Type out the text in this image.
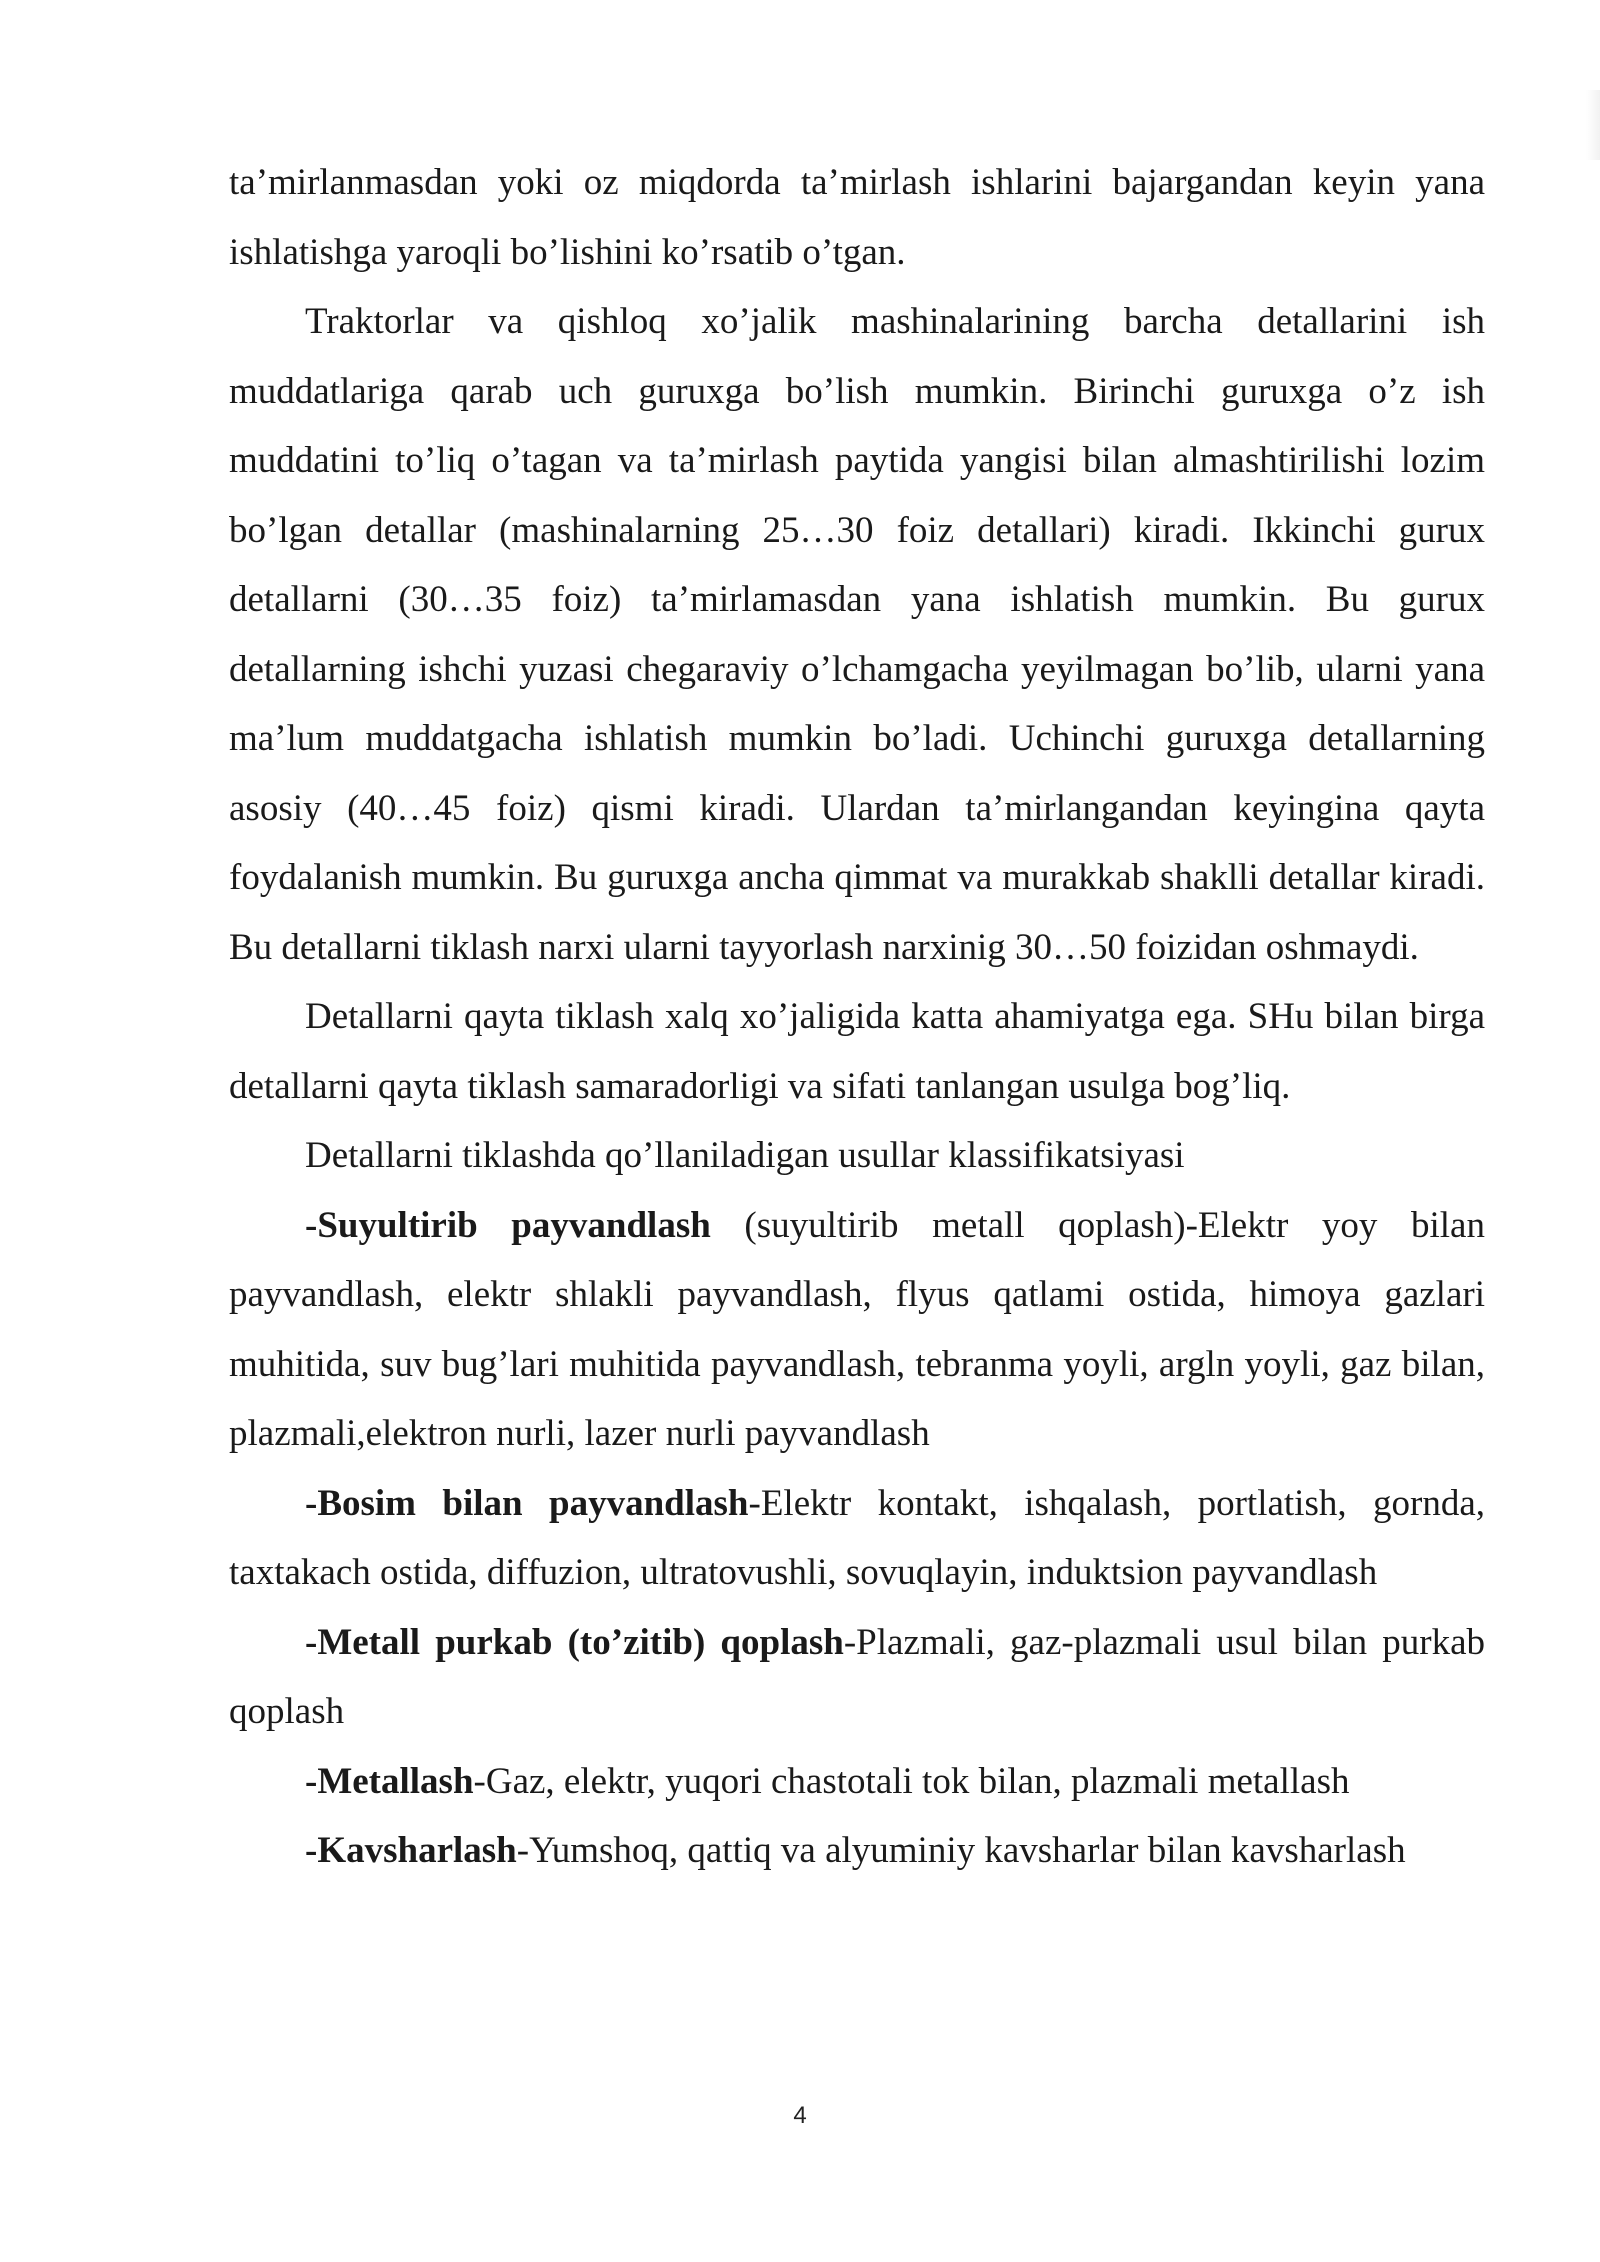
ta’mirlanmasdan yoki oz miqdorda ta’mirlash ishlarini bajargandan keyin yana ishlatishga yaroqli bo’lishini ko’rsatib o’tgan.

Traktorlar va qishloq xo’jalik mashinalarining barcha detallarini ish muddatlariga qarab uch guruxga bo’lish mumkin. Birinchi guruxga o’z ish muddatini to’liq o’tagan va ta’mirlash paytida yangisi bilan almashtirilishi lozim bo’lgan detallar (mashinalarning 25…30 foiz detallari) kiradi. Ikkinchi gurux detallarni (30…35 foiz) ta’mirlamasdan yana ishlatish mumkin. Bu gurux detallarning ishchi yuzasi chegaraviy o’lchamgacha yeyilmagan bo’lib, ularni yana ma’lum muddatgacha ishlatish mumkin bo’ladi. Uchinchi guruxga detallarning asosiy (40…45 foiz) qismi kiradi. Ulardan ta’mirlangandan keyingina qayta foydalanish mumkin. Bu guruxga ancha qimmat va murakkab shaklli detallar kiradi. Bu detallarni tiklash narxi ularni tayyorlash narxinig 30…50 foizidan oshmaydi.

Detallarni qayta tiklash xalq xo’jaligida katta ahamiyatga ega. SHu bilan birga detallarni qayta tiklash samaradorligi va sifati tanlangan usulga bog’liq.

Detallarni tiklashda qo’llaniladigan usullar klassifikatsiyasi

-Suyultirib payvandlash (suyultirib metall qoplash)-Elektr yoy bilan payvandlash, elektr shlakli payvandlash, flyus qatlami ostida, himoya gazlari muhitida, suv bug’lari muhitida payvandlash, tebranma yoyli, argln yoyli, gaz bilan, plazmali,elektron nurli, lazer nurli payvandlash

-Bosim bilan payvandlash-Elektr kontakt, ishqalash, portlatish, gornda, taxtakach ostida, diffuzion, ultratovushli, sovuqlayin, induktsion payvandlash

-Metall purkab (to’zitib) qoplash-Plazmali, gaz-plazmali usul bilan purkab qoplash

-Metallash-Gaz, elektr, yuqori chastotali tok bilan, plazmali metallash

-Kavsharlash-Yumshoq, qattiq va alyuminiy kavsharlar bilan kavsharlash

4
